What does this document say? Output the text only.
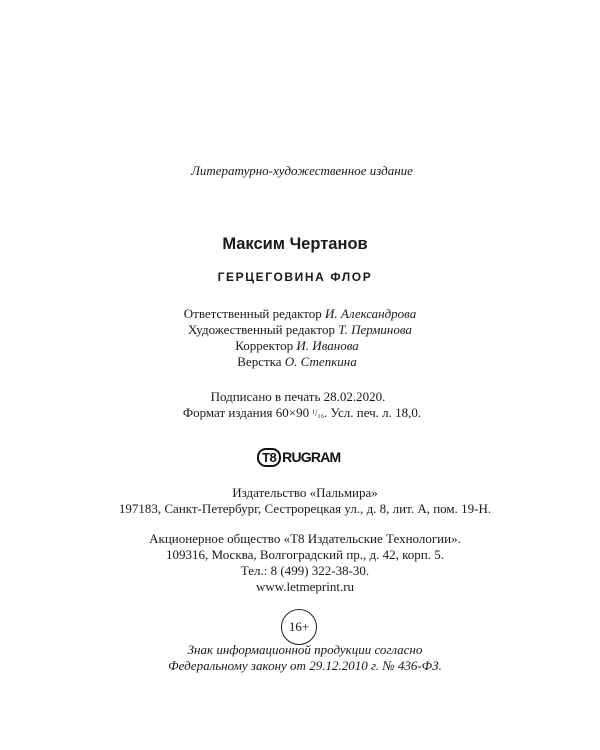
Литературно-художественное издание
Максим Чертанов
ГЕРЦЕГОВИНА ФЛОР
Ответственный редактор И. Александрова
Художественный редактор Т. Перминова
Корректор И. Иванова
Верстка О. Степкина
Подписано в печать 28.02.2020.
Формат издания 60×90 ¹/₁₆. Усл. печ. л. 18,0.
T8 RUGRAM
Издательство «Пальмира»
197183, Санкт-Петербург, Сестрорецкая ул., д. 8, лит. А, пом. 19-Н.
Акционерное общество «Т8 Издательские Технологии».
109316, Москва, Волгоградский пр., д. 42, корп. 5.
Тел.: 8 (499) 322-38-30.
www.letmeprint.ru
16+
Знак информационной продукции согласно
Федеральному закону от 29.12.2010 г. № 436-ФЗ.
